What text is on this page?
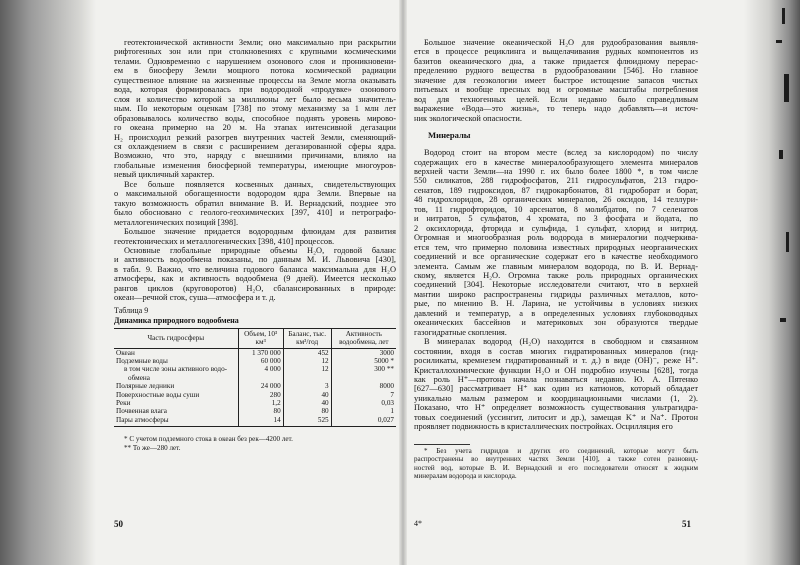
геотектонической активности Земли; оно максимально при раскрытии

рифтогенных зон или при столкновениях с крупными космическими

телами. Одновременно с нарушением озонового слоя и проникновени-

ем в биосферу Земли мощного потока космической радиации

существенное влияние на жизненные процессы на Земле могла оказывать

вода, которая формировалась при водородной «продувке» озонового

слоя и количество которой за миллионы лет было весьма значитель-

ным. По некоторым оценкам [738] по этому механизму за 1 млн лет

образовывалось количество воды, способное поднять уровень мирово-

го океана примерно на 20 м. На этапах интенсивной дегазации

H₂ происходил резкий разогрев внутренних частей Земли, сменяющий-

ся охлаждением в связи с расширением дегазированной сферы ядра.

Возможно, что это, наряду с внешними причинами, влияло на

глобальные изменения биосферной температуры, имеющие многоуров-

невый цикличный характер.

Все больше появляется косвенных данных, свидетельствующих

о максимальной обогащенности водородом ядра Земли. Впервые на

такую возможность обратил внимание В. И. Вернадский, позднее это

было обосновано с геолого-геохимических [397, 410] и петрографо-

металлогенических позиций [398].

Большое значение придается водородным флюидам для развития

геотектонических и металлогенических [398, 410] процессов.

Основные глобальные природные объемы H₂O, годовой баланс

и активность водообмена показаны, по данным М. И. Львовича [430],

в табл. 9. Важно, что величина годового баланса максимальна для H₂O

атмосферы, как и активность водообмена (9 дней). Имеется несколько

рангов циклов (круговоротов) H₂O, сбалансированных в природе:

океан—речной сток, суша—атмосфера и т. д.

Таблица 9

Динамика природного водообмена

Часть гидросферы	Объем, 10³ км³	Баланс, тыс. км³/год	Активность водообмена, лет
Океан	1 370 000	452	3000
Подземные воды	60 000	12	5000 *
в том числе зоны активного водо-	4 000	12	300 **
обмена			
Полярные ледники	24 000	3	8000
Поверхностные воды суши	280	40	7
Реки	1,2	40	0,03
Почвенная влага	80	80	1
Пары атмосферы	14	525	0,027

* С учетом подземного стока в океан без рек—4200 лет.

** То же—280 лет.

50

Большое значение океанической H₂O для рудообразования выявля-

ется в процессе рециклинга и выщелачивания рудных компонентов из

базитов океанического дна, а также придается флюидному перерас-

пределению рудного вещества в рудообразовании [546]. Но главное

значение для геоэкологии имеет быстрое истощение запасов чистых

питьевых и вообще пресных вод и огромные масштабы потребления

вод для техногенных целей. Если недавно было справедливым

выражение «Вода—это жизнь», то теперь надо добавлять—и источ-

ник экологической опасности.

Минералы

Водород стоит на втором месте (вслед за кислородом) по числу

содержащих его в качестве минералообразующего элемента минералов

верхней части Земли—на 1990 г. их было более 1800 *, в том числе

550 силикатов, 288 гидрофосфатов, 211 гидросульфатов, 213 гидро-

сенатов, 189 гидроксидов, 87 гидрокарбонатов, 81 гидроборат и борат,

48 гидрохлоридов, 28 органических минералов, 26 оксидов, 14 теллури-

тов, 11 гидрофторидов, 10 арсенатов, 8 молибдатов, по 7 селенатов

и нитратов, 5 сульфатов, 4 хромата, по 3 фосфата и йодата, по

2 оксихлорида, фторида и сульфида, 1 сульфат, хлорид и нитрид.

Огромная и многообразная роль водорода в минералогии подчеркива-

ется тем, что примерно половина известных природных неорганических

соединений и все органические содержат его в качестве необходимого

элемента. Самым же главным минералом водорода, по В. И. Вернад-

скому, является H₂O. Огромна также роль природных органических

соединений [304]. Некоторые исследователи считают, что в верхней

мантии широко распространены гидриды различных металлов, кото-

рые, по мнению В. Н. Ларина, не устойчивы в условиях низких

давлений и температур, а в определенных условиях глубоководных

океанических бассейнов и материковых зон образуются твердые

газогидратные скопления.

В минералах водород (H₂O) находится в свободном и связанном

состоянии, входя в состав многих гидратированных минералов (гид-

росиликаты, кремнезем гидратированный и т. д.) в виде (OH)⁻, реже H⁺.

Кристаллохимические функции H₂O и OH подробно изучены [628], тогда

как роль H⁺—протона начала познаваться недавно. Ю. А. Пятенко

[627—630] рассматривает H⁺ как один из катионов, который обладает

уникально малым размером и координационными числами (1, 2).

Показано, что H⁺ определяет возможность существования ультрагидра-

товых соединений (уссингит, литосит и др.), замещая K⁺ и Na⁺. Протон

проявляет подвижность в кристаллических постройках. Осцилляция его

* Без учета гидридов и других его соединений, которые могут быть

распространены во внутренних частях Земли [410], а также сотен разновид-

ностей вод, которые В. И. Вернадский и его последователи относят к жидким

минералам водорода и кислорода.

4*	51
